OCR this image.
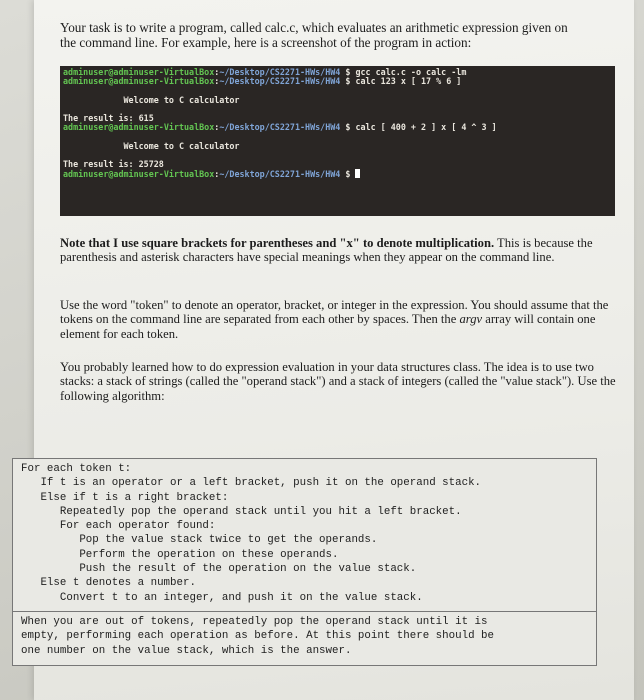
Your task is to write a program, called calc.c, which evaluates an arithmetic expression given on
the command line. For example, here is a screenshot of the program in action:
adminuser@adminuser-VirtualBox:~/Desktop/CS2271-HWs/HW4 $ gcc calc.c -o calc -lm
adminuser@adminuser-VirtualBox:~/Desktop/CS2271-HWs/HW4 $ calc 123 x [ 17 % 6 ]
Welcome to C calculator
The result is: 615
adminuser@adminuser-VirtualBox:~/Desktop/CS2271-HWs/HW4 $ calc [ 400 + 2 ] x [ 4 ^ 3 ]
Welcome to C calculator
The result is: 25728
adminuser@adminuser-VirtualBox:~/Desktop/CS2271-HWs/HW4 $
Note that I use square brackets for parentheses and "x" to denote multiplication. This is because the parenthesis and asterisk characters have special meanings when they appear on the command line.
Use the word "token" to denote an operator, bracket, or integer in the expression. You should assume that the tokens on the command line are separated from each other by spaces. Then the argv array will contain one element for each token.
You probably learned how to do expression evaluation in your data structures class. The idea is to use two stacks: a stack of strings (called the "operand stack") and a stack of integers (called the "value stack"). Use the following algorithm:
For each token t:
If t is an operator or a left bracket, push it on the operand stack.
Else if t is a right bracket:
Repeatedly pop the operand stack until you hit a left bracket.
For each operator found:
Pop the value stack twice to get the operands.
Perform the operation on these operands.
Push the result of the operation on the value stack.
Else t denotes a number.
Convert t to an integer, and push it on the value stack.
When you are out of tokens, repeatedly pop the operand stack until it is
empty, performing each operation as before. At this point there should be
one number on the value stack, which is the answer.
